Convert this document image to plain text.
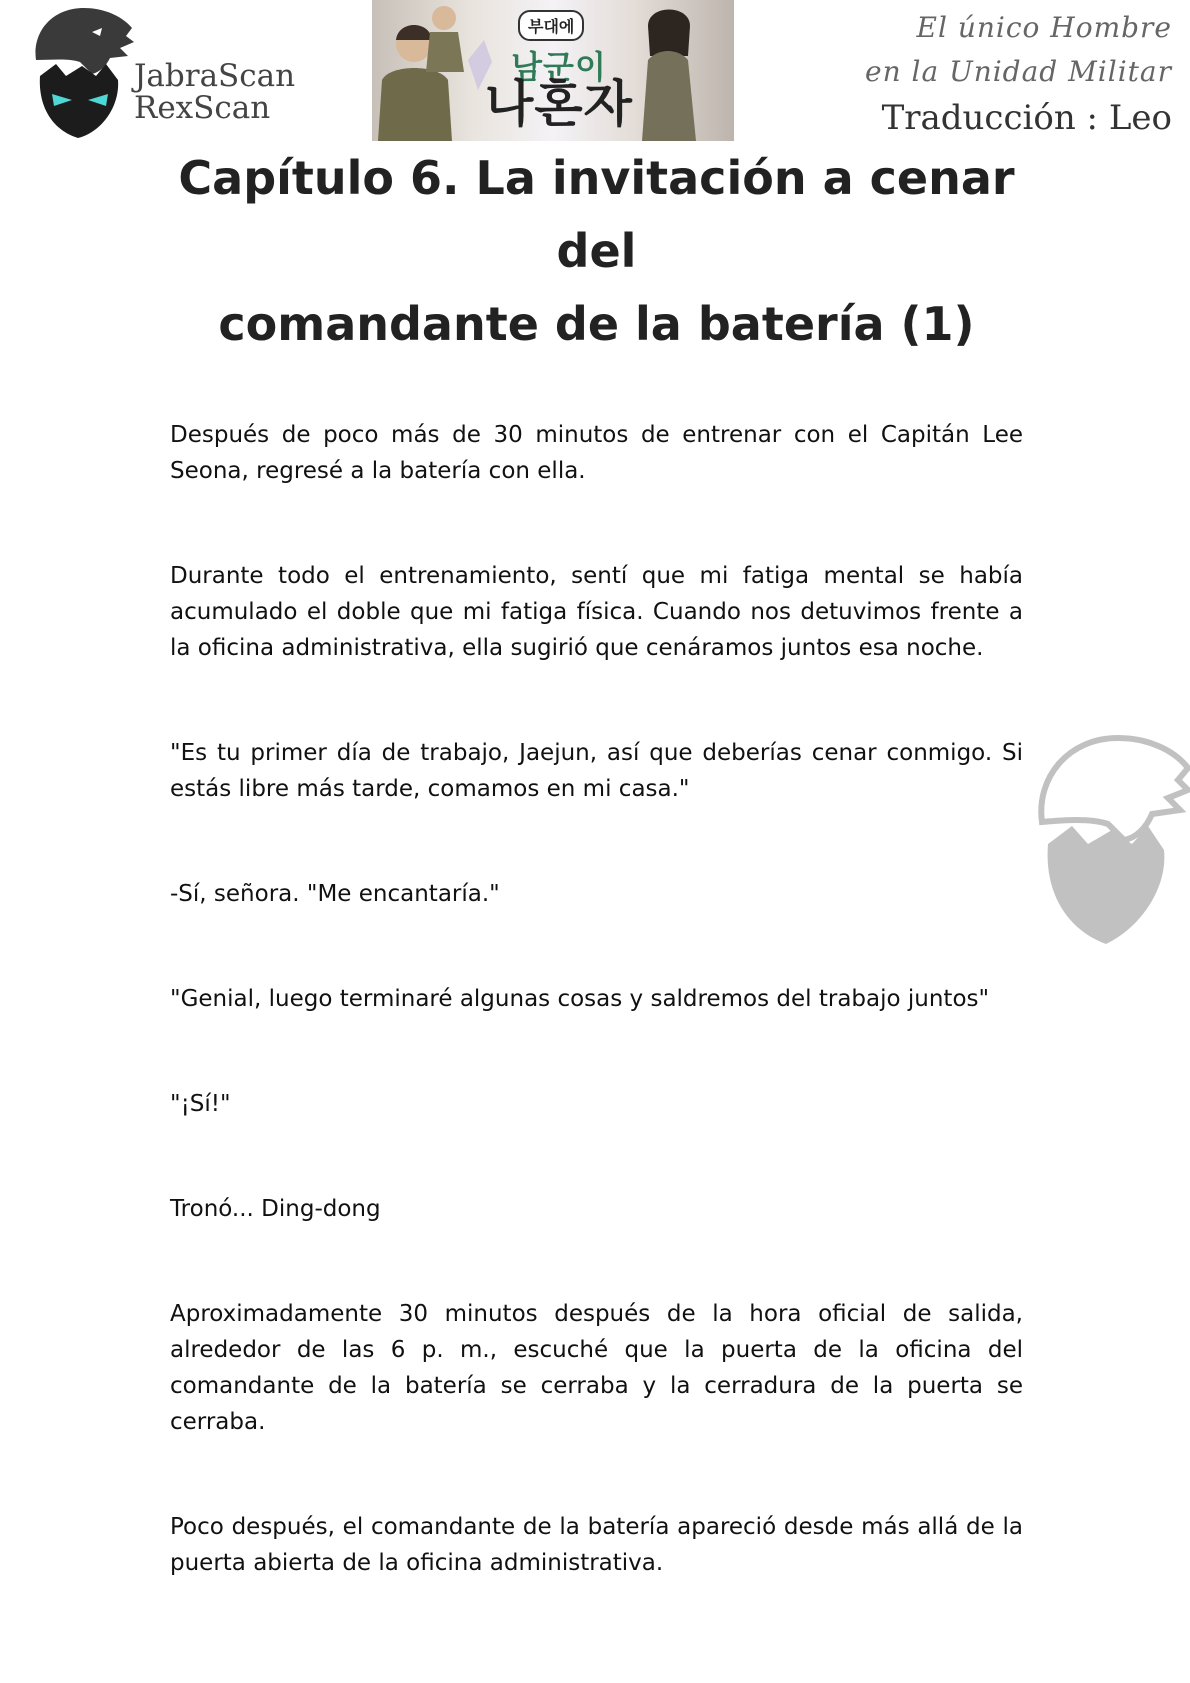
JabraScan
RexScan
부대에
남군이
나혼자
El único Hombre
en la Unidad Militar
Traducción : Leo
Capítulo 6. La invitación a cenar del
comandante de la batería (1)

Después de poco más de 30 minutos de entrenar con el Capitán Lee Seona, regresé a la batería con ella.

Durante todo el entrenamiento, sentí que mi fatiga mental se había acumulado el doble que mi fatiga física. Cuando nos detuvimos frente a la oficina administrativa, ella sugirió que cenáramos juntos esa noche.

"Es tu primer día de trabajo, Jaejun, así que deberías cenar conmigo. Si estás libre más tarde, comamos en mi casa."

-Sí, señora. "Me encantaría."

"Genial, luego terminaré algunas cosas y saldremos del trabajo juntos"

"¡Sí!"

Tronó... Ding-dong

Aproximadamente 30 minutos después de la hora oficial de salida, alrededor de las 6 p. m., escuché que la puerta de la oficina del comandante de la batería se cerraba y la cerradura de la puerta se cerraba.

Poco después, el comandante de la batería apareció desde más allá de la puerta abierta de la oficina administrativa.
